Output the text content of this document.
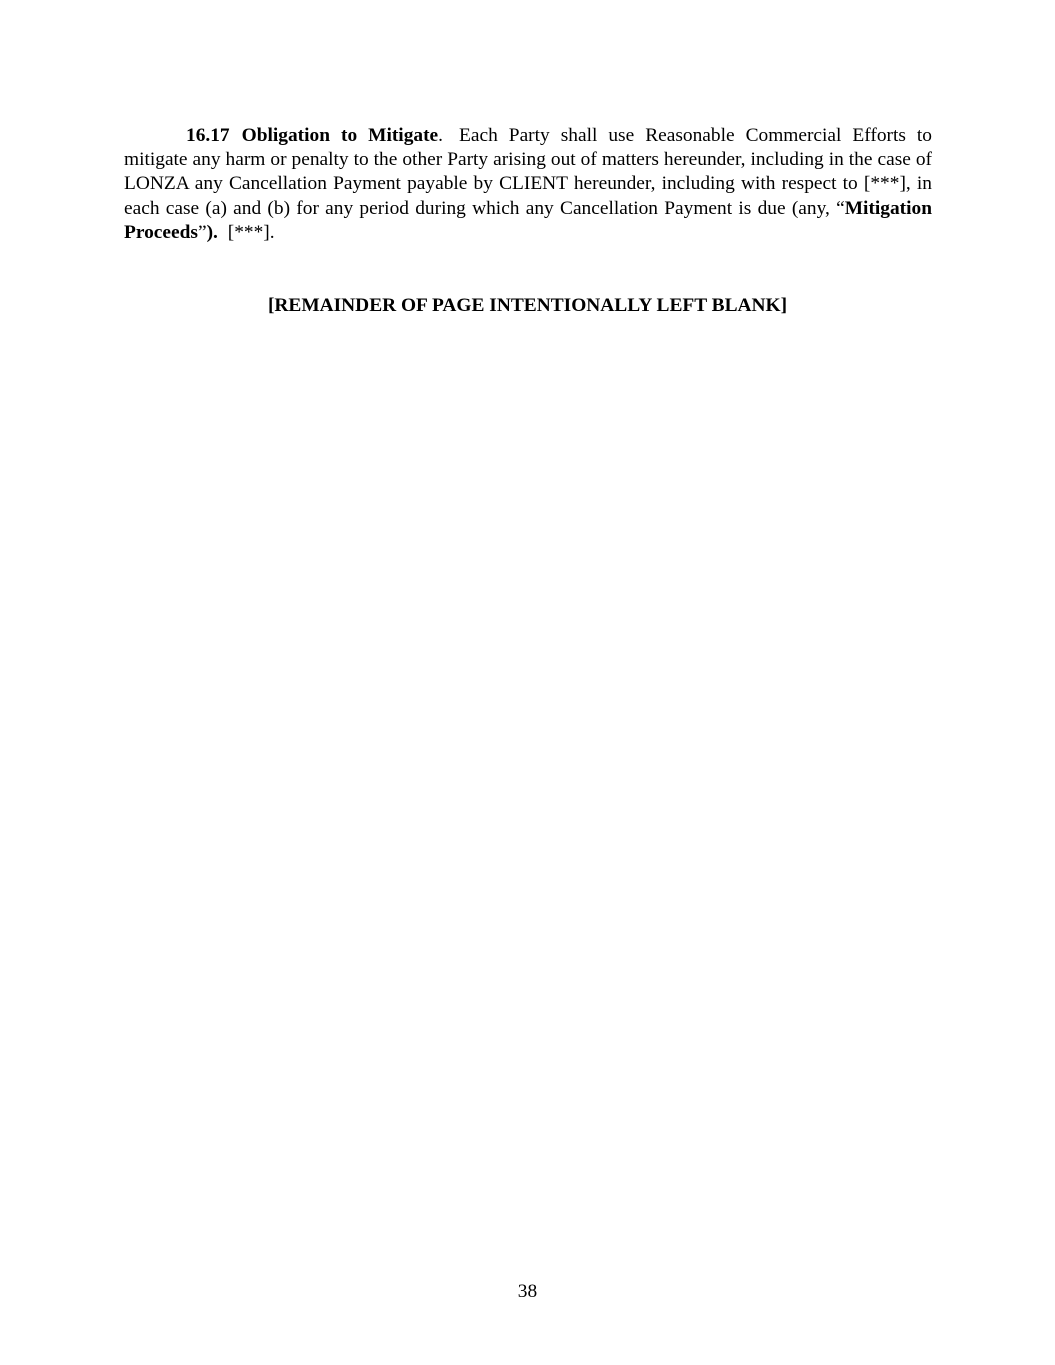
16.17 Obligation to Mitigate. Each Party shall use Reasonable Commercial Efforts to mitigate any harm or penalty to the other Party arising out of matters hereunder, including in the case of LONZA any Cancellation Payment payable by CLIENT hereunder, including with respect to [***], in each case (a) and (b) for any period during which any Cancellation Payment is due (any, “Mitigation Proceeds”). [***].

[REMAINDER OF PAGE INTENTIONALLY LEFT BLANK]

38
